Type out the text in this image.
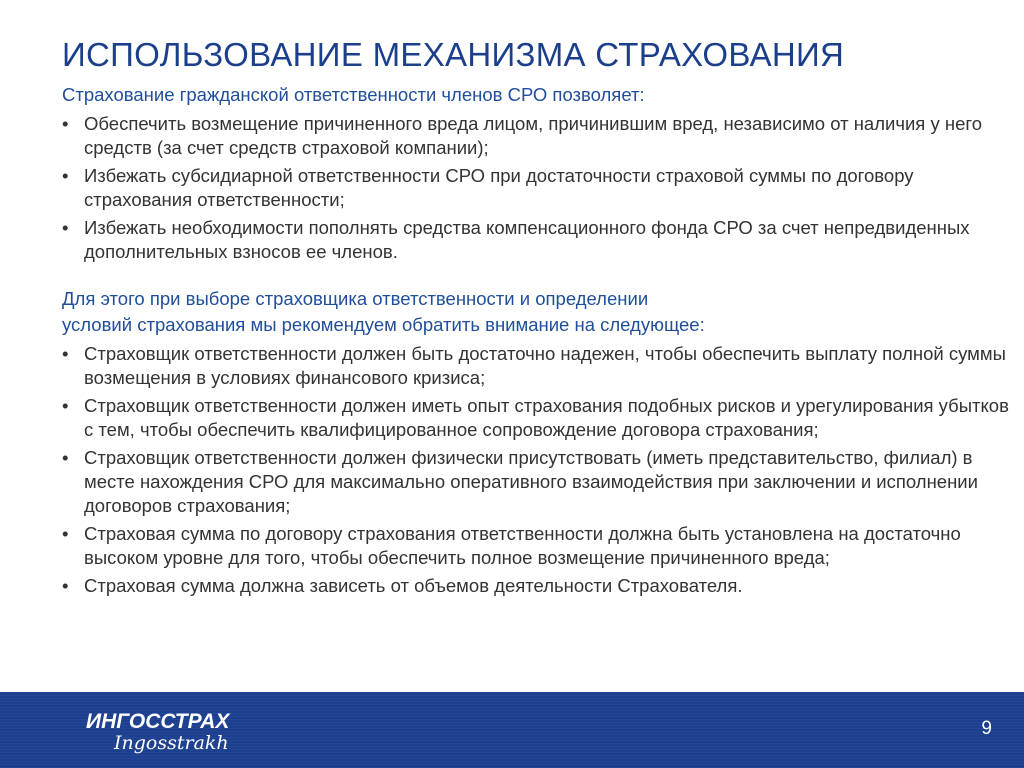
ИСПОЛЬЗОВАНИЕ МЕХАНИЗМА СТРАХОВАНИЯ

Страхование гражданской ответственности членов СРО позволяет:

• Обеспечить возмещение причиненного вреда лицом, причинившим вред, независимо от наличия у него средств (за счет средств страховой компании);
• Избежать субсидиарной ответственности СРО при достаточности страховой суммы по договору страхования ответственности;
• Избежать необходимости пополнять средства компенсационного фонда СРО за счет непредвиденных дополнительных взносов ее членов.

Для этого при выборе страховщика ответственности и определении

условий страхования мы рекомендуем обратить внимание на следующее:

• Страховщик ответственности должен быть достаточно надежен, чтобы обеспечить выплату полной суммы возмещения в условиях финансового кризиса;
• Страховщик ответственности должен иметь опыт страхования подобных рисков и урегулирования убытков с тем, чтобы обеспечить квалифицированное сопровождение договора страхования;
• Страховщик ответственности должен физически присутствовать (иметь представительство, филиал) в месте нахождения СРО для максимально оперативного взаимодействия при заключении и исполнении договоров страхования;
• Страховая сумма по договору страхования ответственности должна быть установлена на достаточно высоком уровне для того, чтобы обеспечить полное возмещение причиненного вреда;
• Страховая сумма должна зависеть от объемов деятельности Страхователя.
ИНГОССТРАХ
Ingosstrakh
9
